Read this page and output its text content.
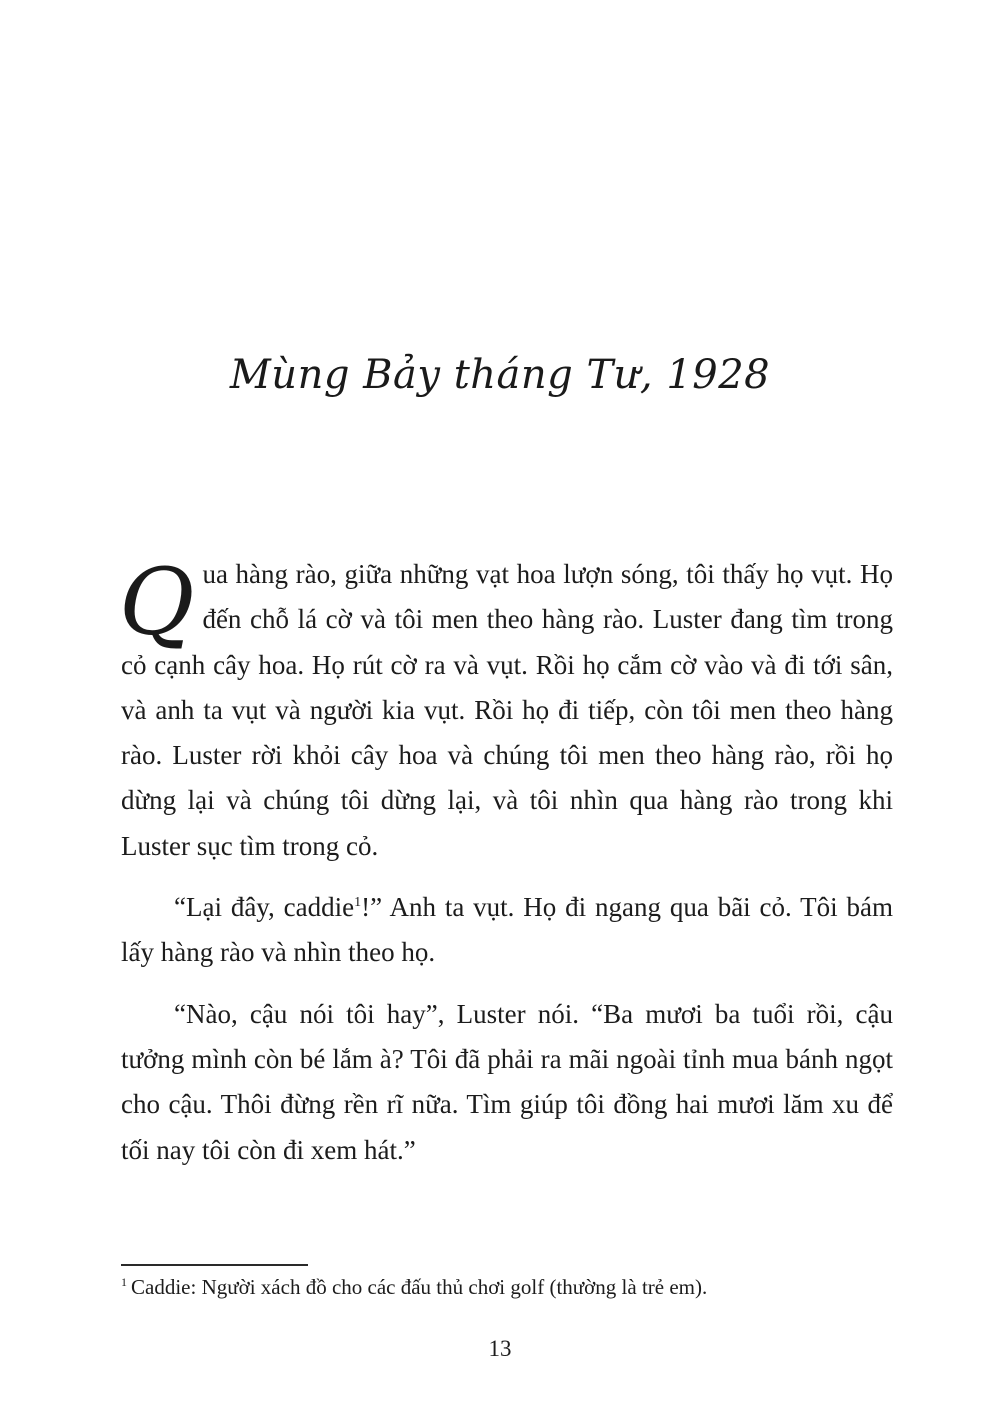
Mùng Bảy tháng Tư, 1928

Qua hàng rào, giữa những vạt hoa lượn sóng, tôi thấy họ vụt. Họ đến chỗ lá cờ và tôi men theo hàng rào. Luster đang tìm trong cỏ cạnh cây hoa. Họ rút cờ ra và vụt. Rồi họ cắm cờ vào và đi tới sân, và anh ta vụt và người kia vụt. Rồi họ đi tiếp, còn tôi men theo hàng rào. Luster rời khỏi cây hoa và chúng tôi men theo hàng rào, rồi họ dừng lại và chúng tôi dừng lại, và tôi nhìn qua hàng rào trong khi Luster sục tìm trong cỏ.

“Lại đây, caddie$^1$!” Anh ta vụt. Họ đi ngang qua bãi cỏ. Tôi bám lấy hàng rào và nhìn theo họ.

“Nào, cậu nói tôi hay”, Luster nói. “Ba mươi ba tuổi rồi, cậu tưởng mình còn bé lắm à? Tôi đã phải ra mãi ngoài tỉnh mua bánh ngọt cho cậu. Thôi đừng rền rĩ nữa. Tìm giúp tôi đồng hai mươi lăm xu để tối nay tôi còn đi xem hát.”

$^1$ Caddie: Người xách đồ cho các đấu thủ chơi golf (thường là trẻ em).
13
